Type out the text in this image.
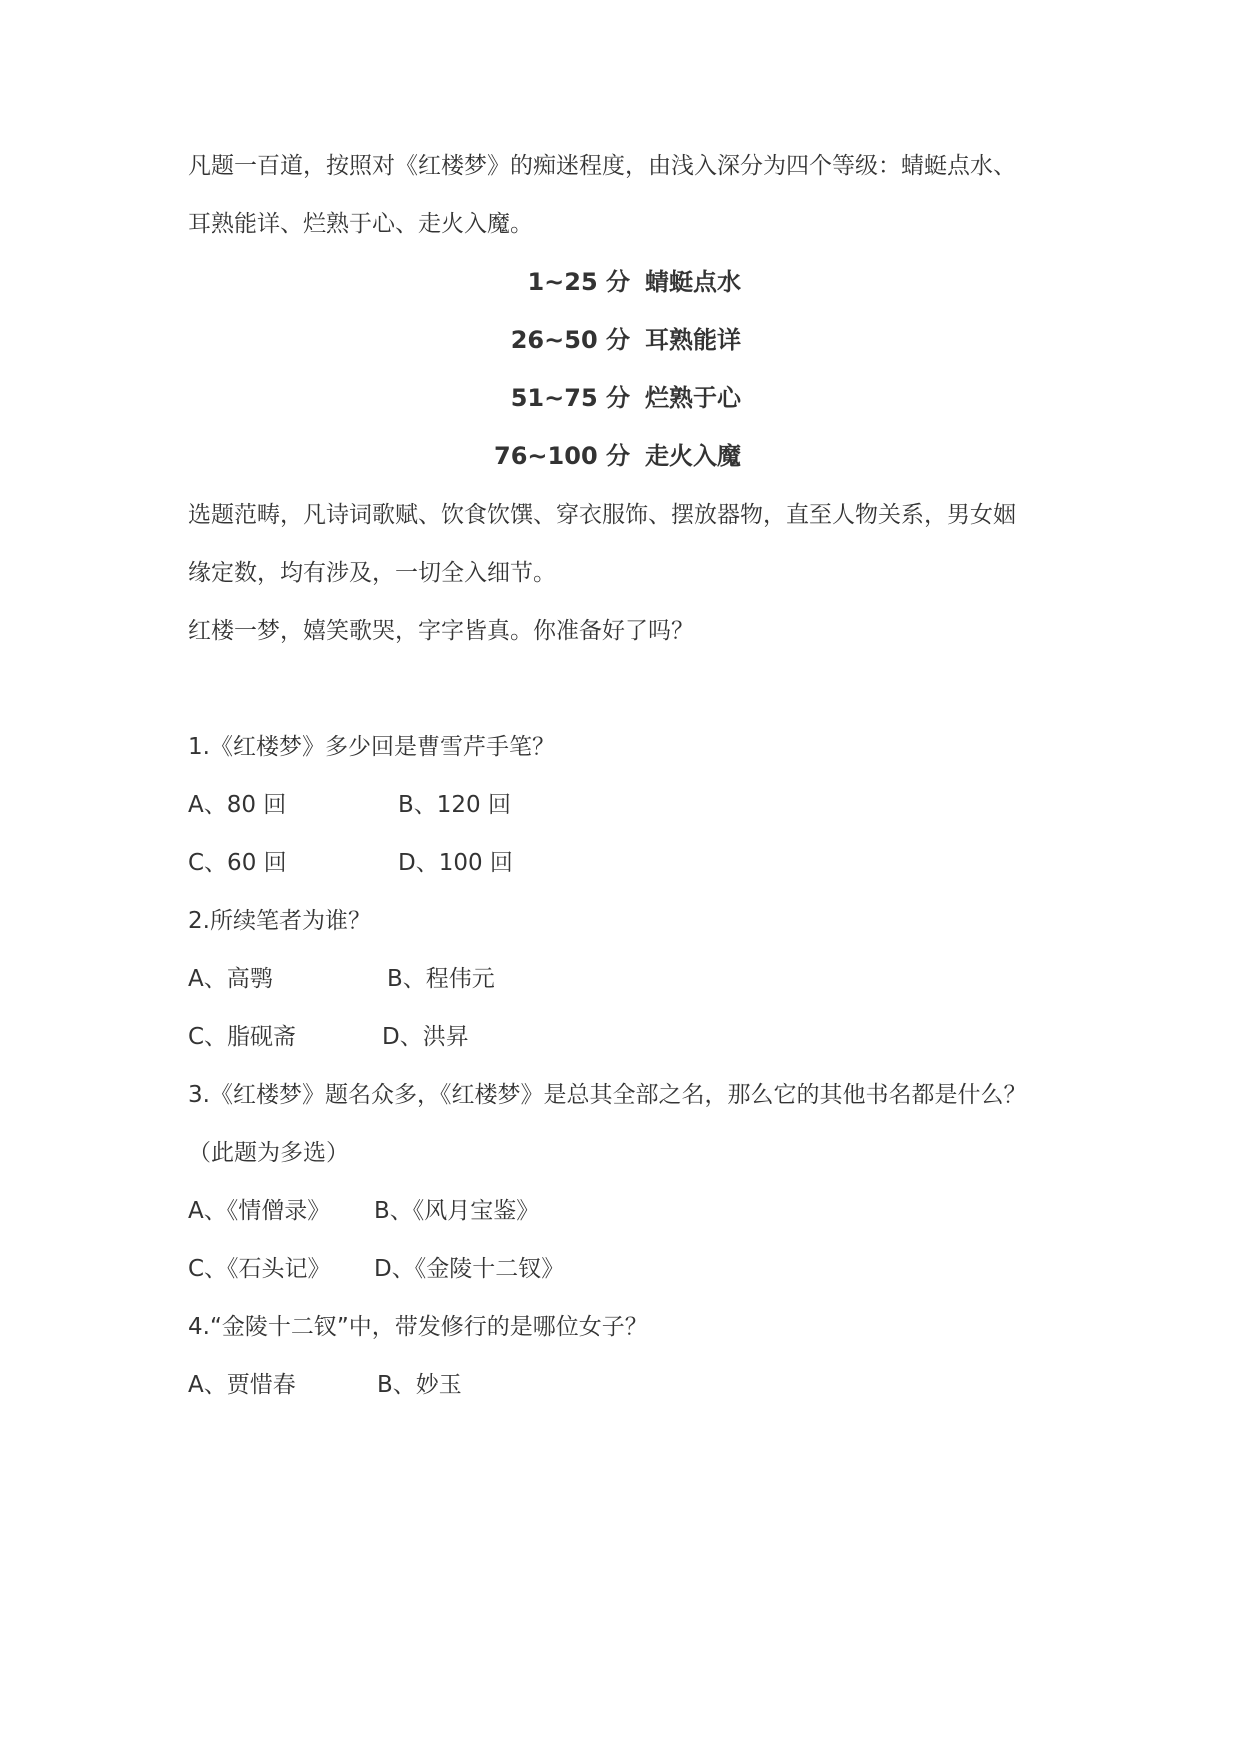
凡题一百道，按照对《红楼梦》的痴迷程度，由浅入深分为四个等级：蜻蜓点水、
耳熟能详、烂熟于心、走火入魔。
1~25 分 蜻蜓点水
26~50 分 耳熟能详
51~75 分 烂熟于心
76~100 分 走火入魔
选题范畴，凡诗词歌赋、饮食饮馔、穿衣服饰、摆放器物，直至人物关系，男女姻
缘定数，均有涉及，一切全入细节。
红楼一梦，嬉笑歌哭，字字皆真。你准备好了吗？
1.《红楼梦》多少回是曹雪芹手笔？
A、80 回	B、120 回
C、60 回	D、100 回
2.所续笔者为谁？
A、高鹗	B、程伟元
C、脂砚斋	D、洪昇
3.《红楼梦》题名众多，《红楼梦》是总其全部之名，那么它的其他书名都是什么？
（此题为多选）
A、《情僧录》 B、《风月宝鉴》
C、《石头记》 D、《金陵十二钗》
4.“金陵十二钗”中，带发修行的是哪位女子？
A、贾惜春	B、妙玉
